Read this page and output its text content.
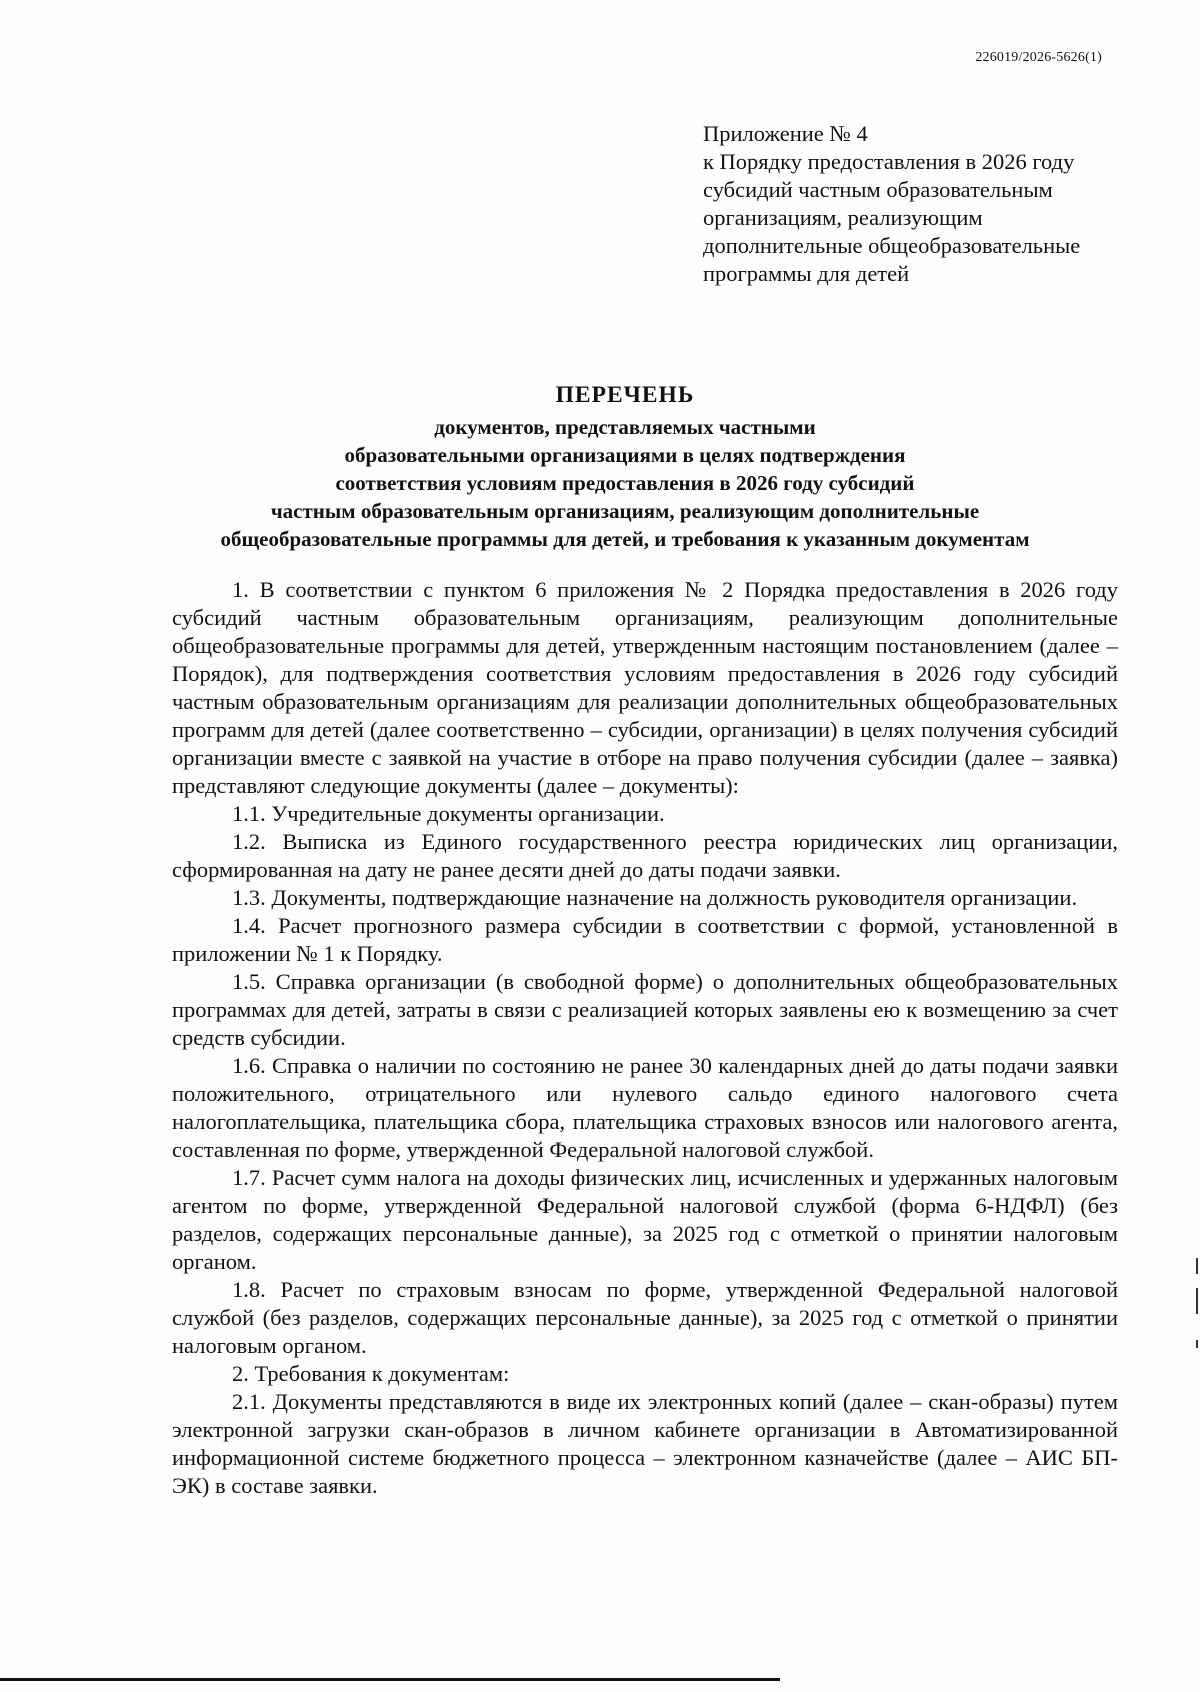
226019/2026-5626(1)
Приложение № 4
к Порядку предоставления в 2026 году
субсидий частным образовательным
организациям, реализующим
дополнительные общеобразовательные
программы для детей
ПЕРЕЧЕНЬ
документов, представляемых частными
образовательными организациями в целях подтверждения
соответствия условиям предоставления в 2026 году субсидий
частным образовательным организациям, реализующим дополнительные
общеобразовательные программы для детей, и требования к указанным документам

1. В соответствии с пунктом 6 приложения № 2 Порядка предоставления в 2026 году субсидий частным образовательным организациям, реализующим дополнительные общеобразовательные программы для детей, утвержденным настоящим постановлением (далее – Порядок), для подтверждения соответствия условиям предоставления в 2026 году субсидий частным образовательным организациям для реализации дополнительных общеобразовательных программ для детей (далее соответственно – субсидии, организации) в целях получения субсидий организации вместе с заявкой на участие в отборе на право получения субсидии (далее – заявка) представляют следующие документы (далее – документы):

1.1. Учредительные документы организации.

1.2. Выписка из Единого государственного реестра юридических лиц организации, сформированная на дату не ранее десяти дней до даты подачи заявки.

1.3. Документы, подтверждающие назначение на должность руководителя организации.

1.4. Расчет прогнозного размера субсидии в соответствии с формой, установленной в приложении № 1 к Порядку.

1.5. Справка организации (в свободной форме) о дополнительных общеобразовательных программах для детей, затраты в связи с реализацией которых заявлены ею к возмещению за счет средств субсидии.

1.6. Справка о наличии по состоянию не ранее 30 календарных дней до даты подачи заявки положительного, отрицательного или нулевого сальдо единого налогового счета налогоплательщика, плательщика сбора, плательщика страховых взносов или налогового агента, составленная по форме, утвержденной Федеральной налоговой службой.

1.7. Расчет сумм налога на доходы физических лиц, исчисленных и удержанных налоговым агентом по форме, утвержденной Федеральной налоговой службой (форма 6-НДФЛ) (без разделов, содержащих персональные данные), за 2025 год с отметкой о принятии налоговым органом.

1.8. Расчет по страховым взносам по форме, утвержденной Федеральной налоговой службой (без разделов, содержащих персональные данные), за 2025 год с отметкой о принятии налоговым органом.

2. Требования к документам:

2.1. Документы представляются в виде их электронных копий (далее – скан-образы) путем электронной загрузки скан-образов в личном кабинете организации в Автоматизированной информационной системе бюджетного процесса – электронном казначействе (далее – АИС БП-ЭК) в составе заявки.
